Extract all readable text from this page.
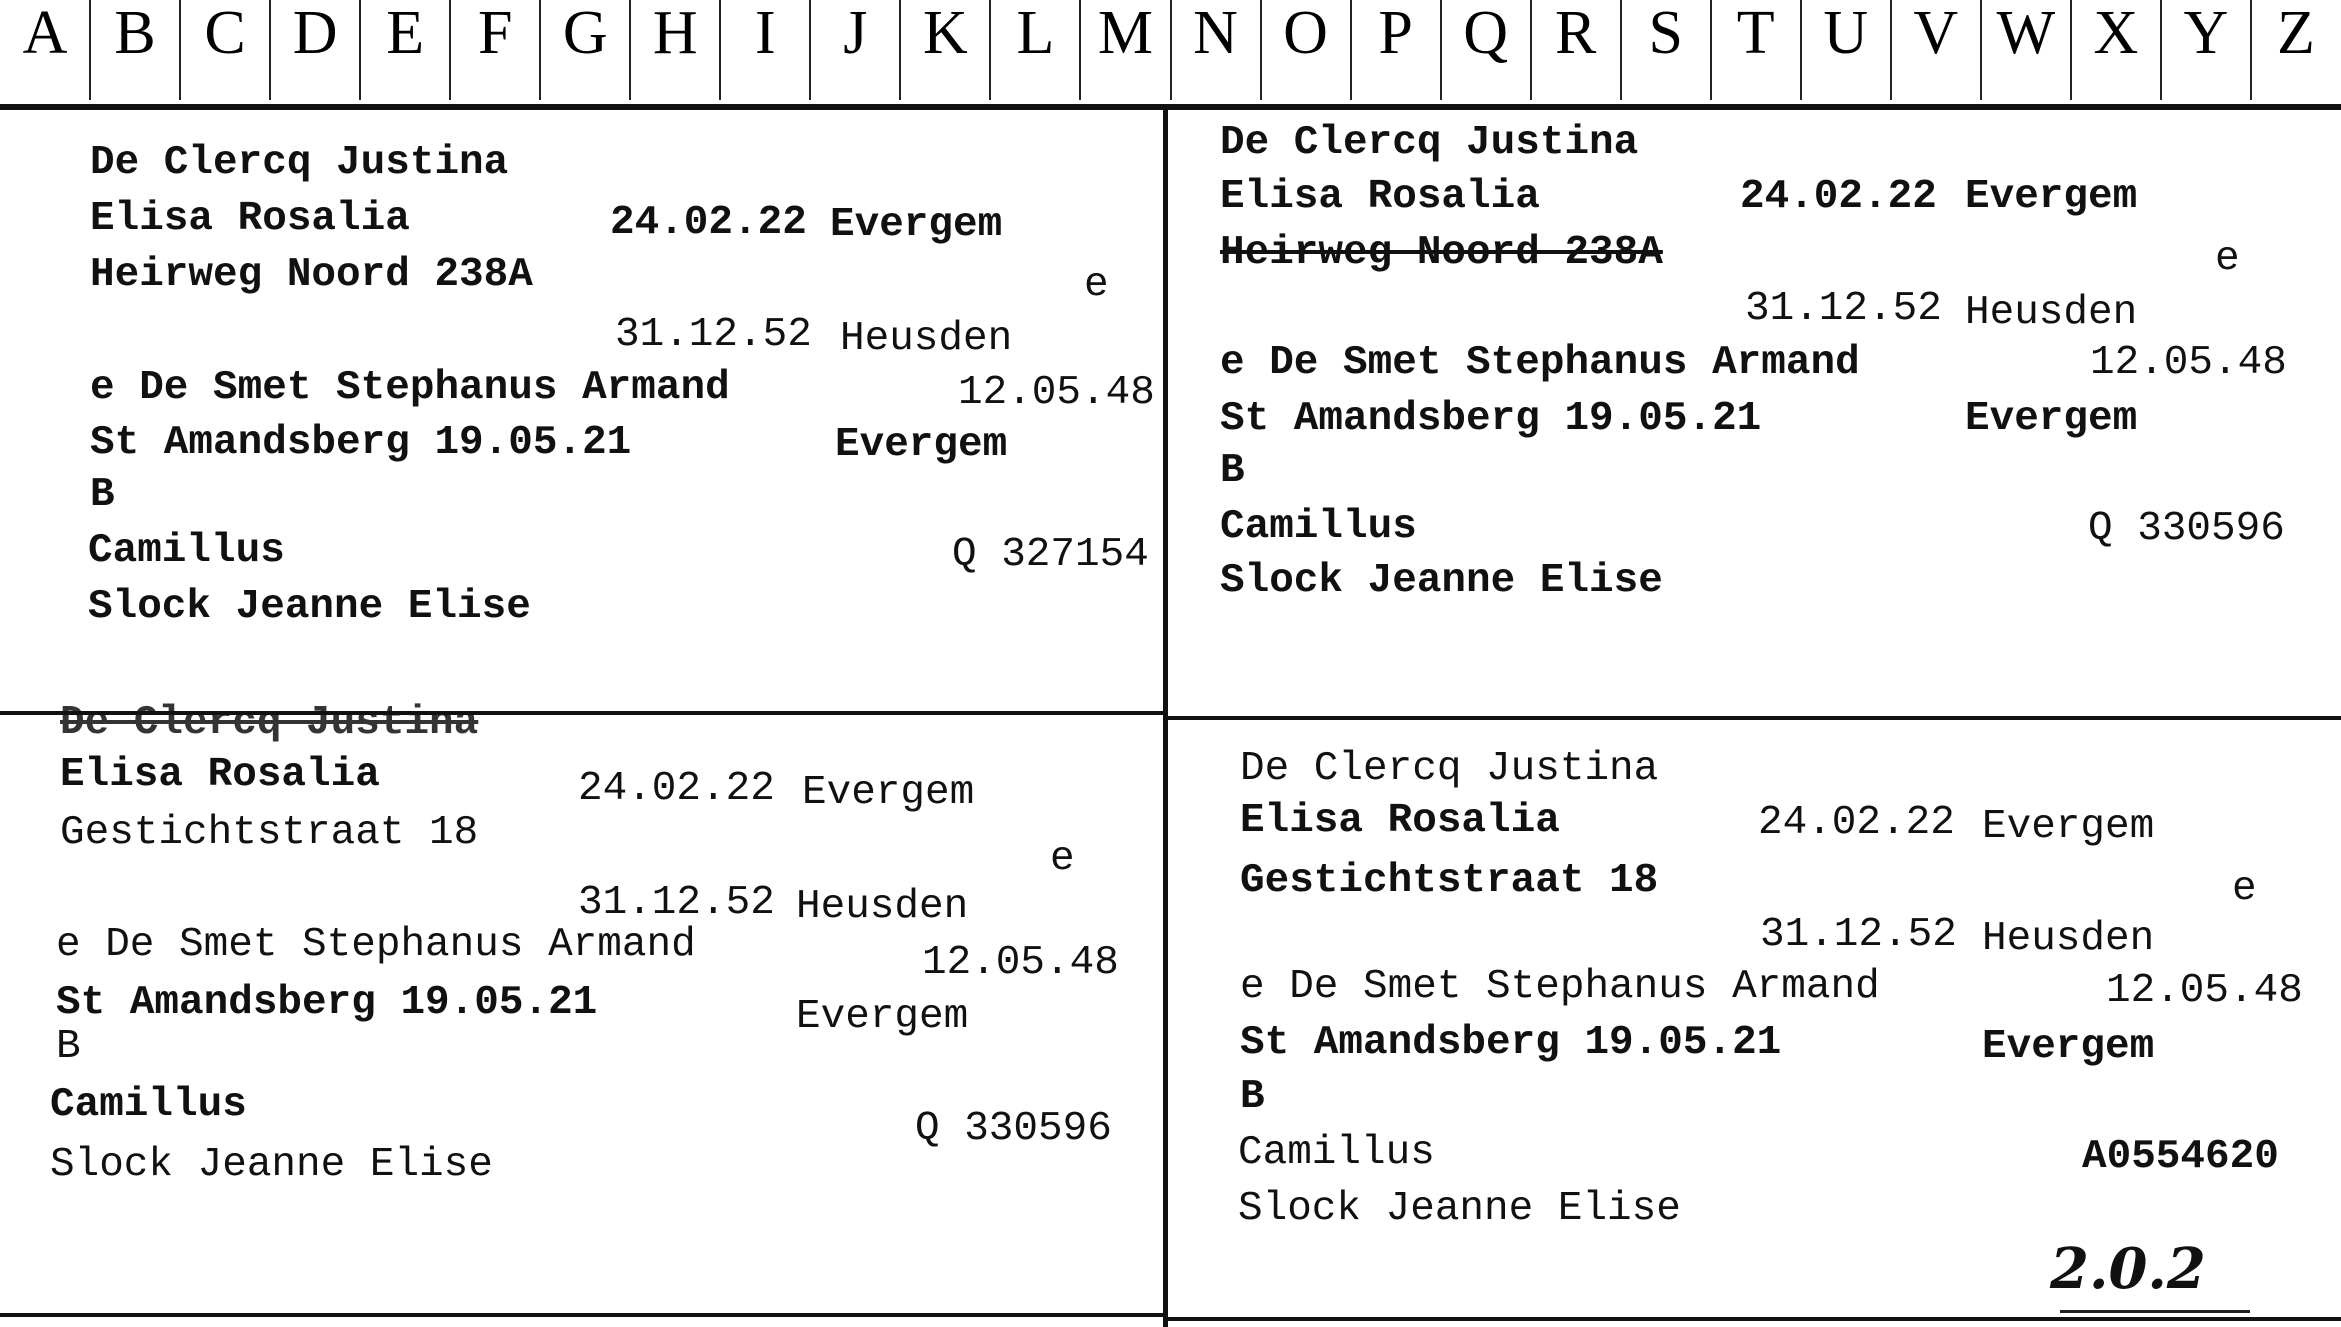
A B C D E F G H I	J K L M N O P Q R S T U V W X Y Z
De Clercq Justina
Elisa Rosalia	24.02.22 Evergem
Heirweg Noord 238A	e
31.12.52 Heusden
e De Smet Stephanus Armand	12.05.48
St Amandsberg 19.05.21	Evergem
B
Camillus	Q 327154
Slock Jeanne Elise
De Clercq Justina
Elisa Rosalia	24.02.22 Evergem
Heirweg Noord 238A	e
31.12.52 Heusden
e De Smet Stephanus Armand	12.05.48
St Amandsberg 19.05.21	Evergem
B
Camillus	Q 330596
Slock Jeanne Elise
De Clercq Justina
Elisa Rosalia	24.02.22 Evergem
Gestichtstraat 18
e
31.12.52 Heusden
e De Smet Stephanus Armand	12.05.48
St Amandsberg 19.05.21	Evergem
B
Camillus
Q 330596
Slock Jeanne Elise
De Clercq Justina
Elisa Rosalia	24.02.22 Evergem
Gestichtstraat 18	e
31.12.52 Heusden
e De Smet Stephanus Armand	12.05.48
St Amandsberg 19.05.21	Evergem
B
Camillus	A0554620
Slock Jeanne Elise
2.0.2
